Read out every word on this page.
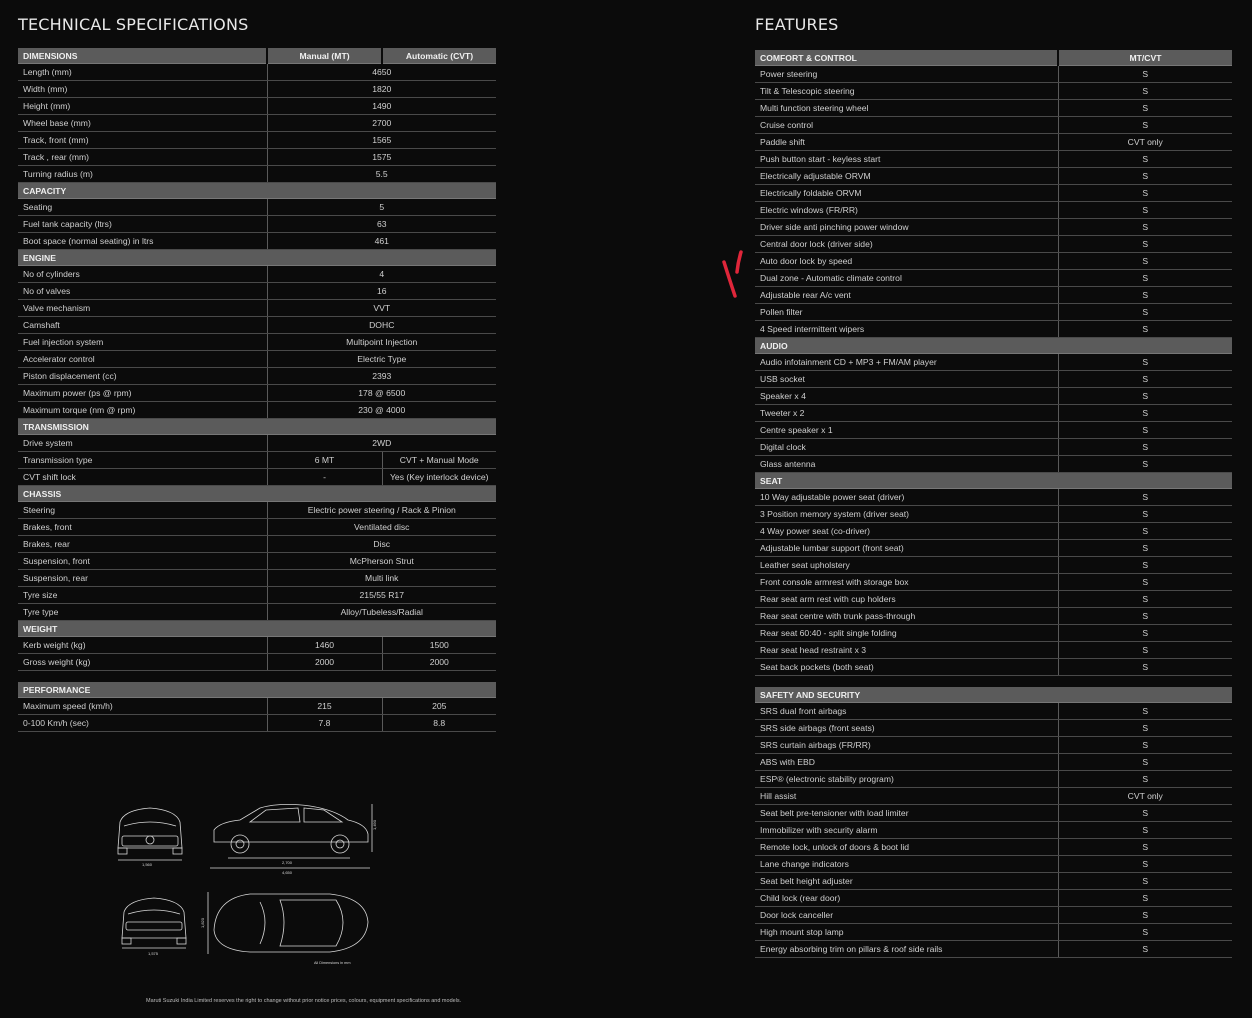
TECHNICAL SPECIFICATIONS	FEATURES
DIMENSIONS	Manual (MT)	Automatic (CVT)
Length (mm)	4650	
Width (mm)	1820	
Height (mm)	1490	
Wheel base (mm)	2700	
Track, front (mm)	1565	
Track , rear (mm)	1575	
Turning radius (m)	5.5	
CAPACITY		
Seating	5	
Fuel tank capacity (ltrs)	63	
Boot space (normal seating) in ltrs	461	
ENGINE		
No of cylinders	4	
No of valves	16	
Valve mechanism	VVT	
Camshaft	DOHC	
Fuel injection system	Multipoint Injection	
Accelerator control	Electric Type	
Piston displacement (cc)	2393	
Maximum power (ps @ rpm)	178 @ 6500	
Maximum torque (nm @ rpm)	230 @ 4000	
TRANSMISSION		
Drive system	2WD	
Transmission type	6 MT	CVT + Manual Mode
CVT shift lock	-	Yes (Key interlock device)
CHASSIS		
Steering	Electric power steering / Rack & Pinion	
Brakes, front	Ventilated disc	
Brakes, rear	Disc	
Suspension, front	McPherson Strut	
Suspension, rear	Multi link	
Tyre size	215/55 R17	
Tyre type	Alloy/Tubeless/Radial	
WEIGHT		
Kerb weight (kg)	1460	1500
Gross weight (kg)	2000	2000

PERFORMANCE		
Maximum speed (km/h)	215	205
0-100 Km/h (sec)	7.8	8.8
COMFORT & CONTROL	MT/CVT
Power steering	S
Tilt & Telescopic steering	S
Multi function steering wheel	S
Cruise control	S
Paddle shift	CVT only
Push button start - keyless start	S
Electrically adjustable ORVM	S
Electrically foldable ORVM	S
Electric windows (FR/RR)	S
Driver side anti pinching power window	S
Central door lock (driver side)	S
Auto door lock by speed	S
Dual zone - Automatic climate control	S
Adjustable rear A/c vent	S
Pollen filter	S
4 Speed intermittent wipers	S
AUDIO	
Audio infotainment CD + MP3 + FM/AM player	S
USB socket	S
Speaker x 4	S
Tweeter x 2	S
Centre speaker x 1	S
Digital clock	S
Glass antenna	S
SEAT	
10 Way adjustable power seat (driver)	S
3 Position memory system (driver seat)	S
4 Way power seat (co-driver)	S
Adjustable lumbar support (front seat)	S
Leather seat upholstery	S
Front console armrest with storage box	S
Rear seat arm rest with cup holders	S
Rear seat centre with trunk pass-through	S
Rear seat 60:40 - split single folding	S
Rear seat head restraint x 3	S
Seat back pockets (both seat)	S

SAFETY AND SECURITY	
SRS dual front airbags	S
SRS side airbags (front seats)	S
SRS curtain airbags (FR/RR)	S
ABS with EBD	S
ESP® (electronic stability program)	S
Hill assist	CVT only
Seat belt pre-tensioner with load limiter	S
Immobilizer with security alarm	S
Remote lock, unlock of doors & boot lid	S
Lane change indicators	S
Seat belt height adjuster	S
Child lock (rear door)	S
Door lock canceller	S
High mount stop lamp	S
Energy absorbing trim on pillars & roof side rails	S
1,560	2,700
4,650
1,490
1,575
1,820
All Dimensions in mm
Maruti Suzuki India Limited reserves the right to change without prior notice prices, colours, equipment specifications and models.
